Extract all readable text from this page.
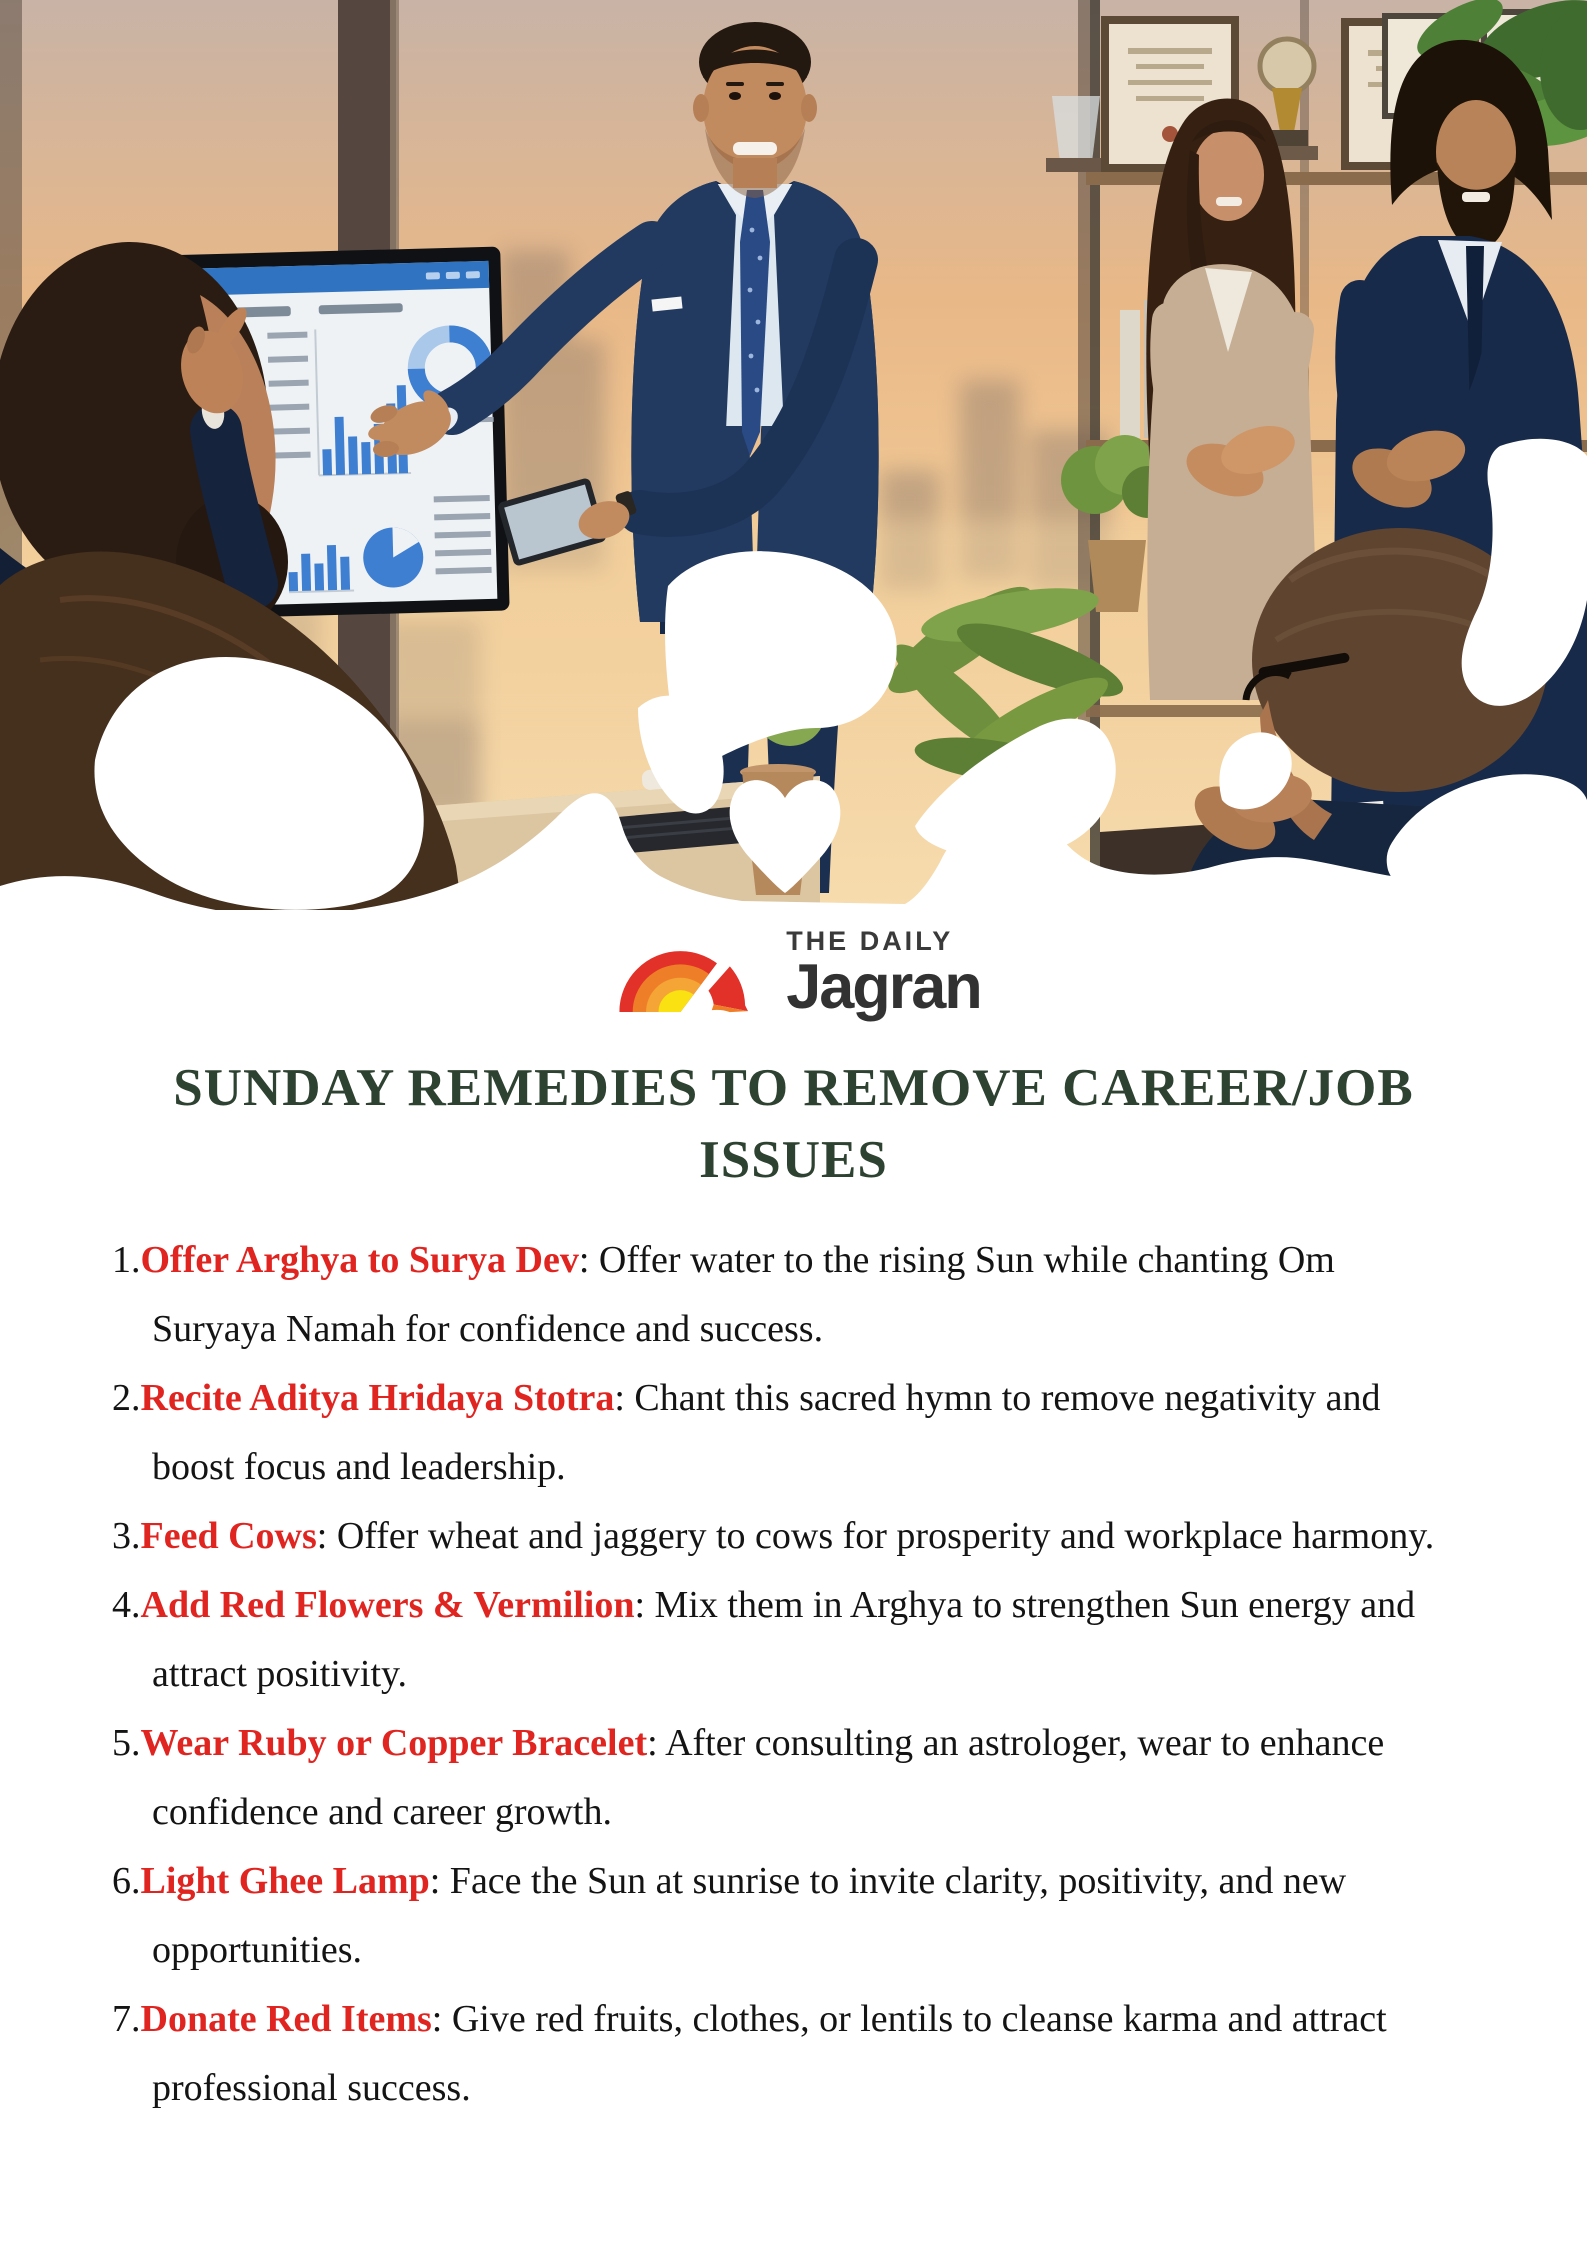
THE DAILY
Jagran
SUNDAY REMEDIES TO REMOVE CAREER/JOB
ISSUES
1.Offer Arghya to Surya Dev: Offer water to the rising Sun while chanting Om Suryaya Namah for confidence and success.
2.Recite Aditya Hridaya Stotra: Chant this sacred hymn to remove negativity and boost focus and leadership.
3.Feed Cows: Offer wheat and jaggery to cows for prosperity and workplace harmony.
4.Add Red Flowers & Vermilion: Mix them in Arghya to strengthen Sun energy and attract positivity.
5.Wear Ruby or Copper Bracelet: After consulting an astrologer, wear to enhance confidence and career growth.
6.Light Ghee Lamp: Face the Sun at sunrise to invite clarity, positivity, and new opportunities.
7.Donate Red Items: Give red fruits, clothes, or lentils to cleanse karma and attract professional success.
